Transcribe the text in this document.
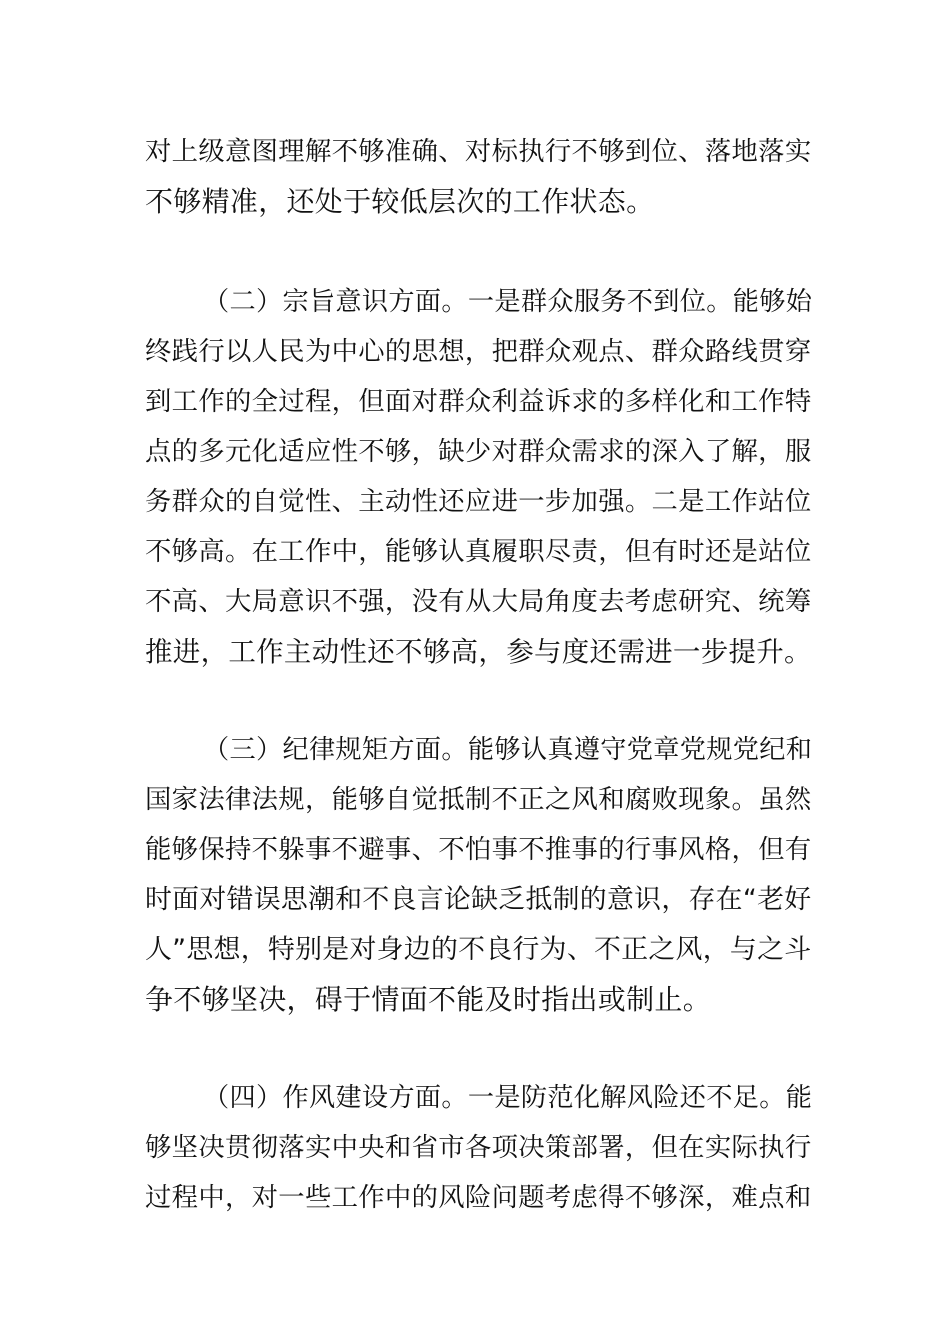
对上级意图理解不够准确、对标执行不够到位、落地落实
不够精准，还处于较低层次的工作状态。
（二）宗旨意识方面。一是群众服务不到位。能够始
终践行以人民为中心的思想，把群众观点、群众路线贯穿
到工作的全过程，但面对群众利益诉求的多样化和工作特
点的多元化适应性不够，缺少对群众需求的深入了解，服
务群众的自觉性、主动性还应进一步加强。二是工作站位
不够高。在工作中，能够认真履职尽责，但有时还是站位
不高、大局意识不强，没有从大局角度去考虑研究、统筹
推进，工作主动性还不够高，参与度还需进一步提升。
（三）纪律规矩方面。能够认真遵守党章党规党纪和
国家法律法规，能够自觉抵制不正之风和腐败现象。虽然
能够保持不躲事不避事、不怕事不推事的行事风格，但有
时面对错误思潮和不良言论缺乏抵制的意识，存在“老好
人”思想，特别是对身边的不良行为、不正之风，与之斗
争不够坚决，碍于情面不能及时指出或制止。
（四）作风建设方面。一是防范化解风险还不足。能
够坚决贯彻落实中央和省市各项决策部署，但在实际执行
过程中，对一些工作中的风险问题考虑得不够深，难点和
